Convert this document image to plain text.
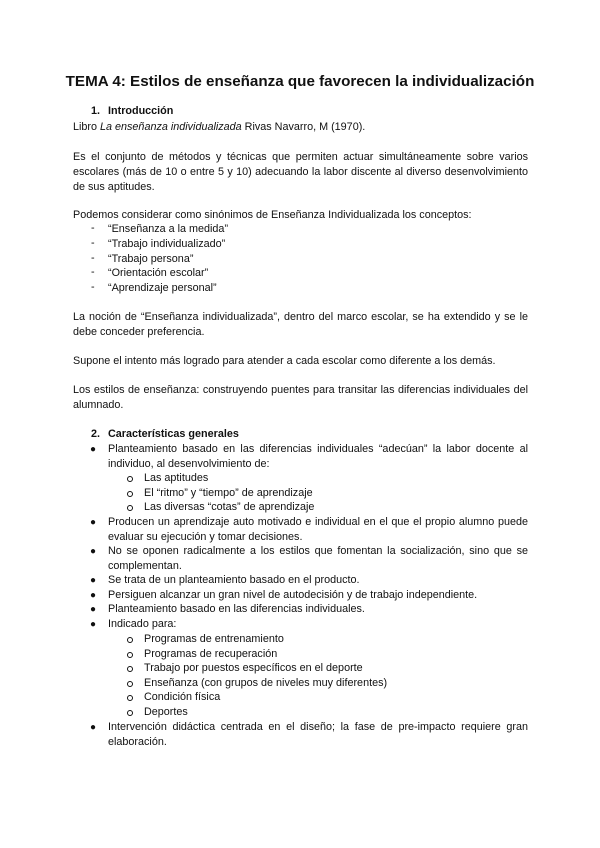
TEMA 4: Estilos de enseñanza que favorecen la individualización
1. Introducción
Libro La enseñanza individualizada Rivas Navarro, M (1970).
Es el conjunto de métodos y técnicas que permiten actuar simultáneamente sobre varios escolares (más de 10 o entre 5 y 10) adecuando la labor discente al diverso desenvolvimiento de sus aptitudes.
Podemos considerar como sinónimos de Enseñanza Individualizada los conceptos:
- “Enseñanza a la medida”
- “Trabajo individualizado”
- “Trabajo persona”
- “Orientación escolar”
- “Aprendizaje personal”
La noción de “Enseñanza individualizada”, dentro del marco escolar, se ha extendido y se le debe conceder preferencia.
Supone el intento más logrado para atender a cada escolar como diferente a los demás.
Los estilos de enseñanza: construyendo puentes para transitar las diferencias individuales del alumnado.
2. Características generales
● Planteamiento basado en las diferencias individuales “adecúan” la labor docente al individuo, al desenvolvimiento de:
Las aptitudes
El “ritmo” y “tiempo” de aprendizaje
Las diversas “cotas” de aprendizaje
● Producen un aprendizaje auto motivado e individual en el que el propio alumno puede evaluar su ejecución y tomar decisiones.
● No se oponen radicalmente a los estilos que fomentan la socialización, sino que se complementan.
● Se trata de un planteamiento basado en el producto.
● Persiguen alcanzar un gran nivel de autodecisión y de trabajo independiente.
● Planteamiento basado en las diferencias individuales.
● Indicado para:
Programas de entrenamiento
Programas de recuperación
Trabajo por puestos específicos en el deporte
Enseñanza (con grupos de niveles muy diferentes)
Condición física
Deportes
● Intervención didáctica centrada en el diseño; la fase de pre-impacto requiere gran elaboración.
